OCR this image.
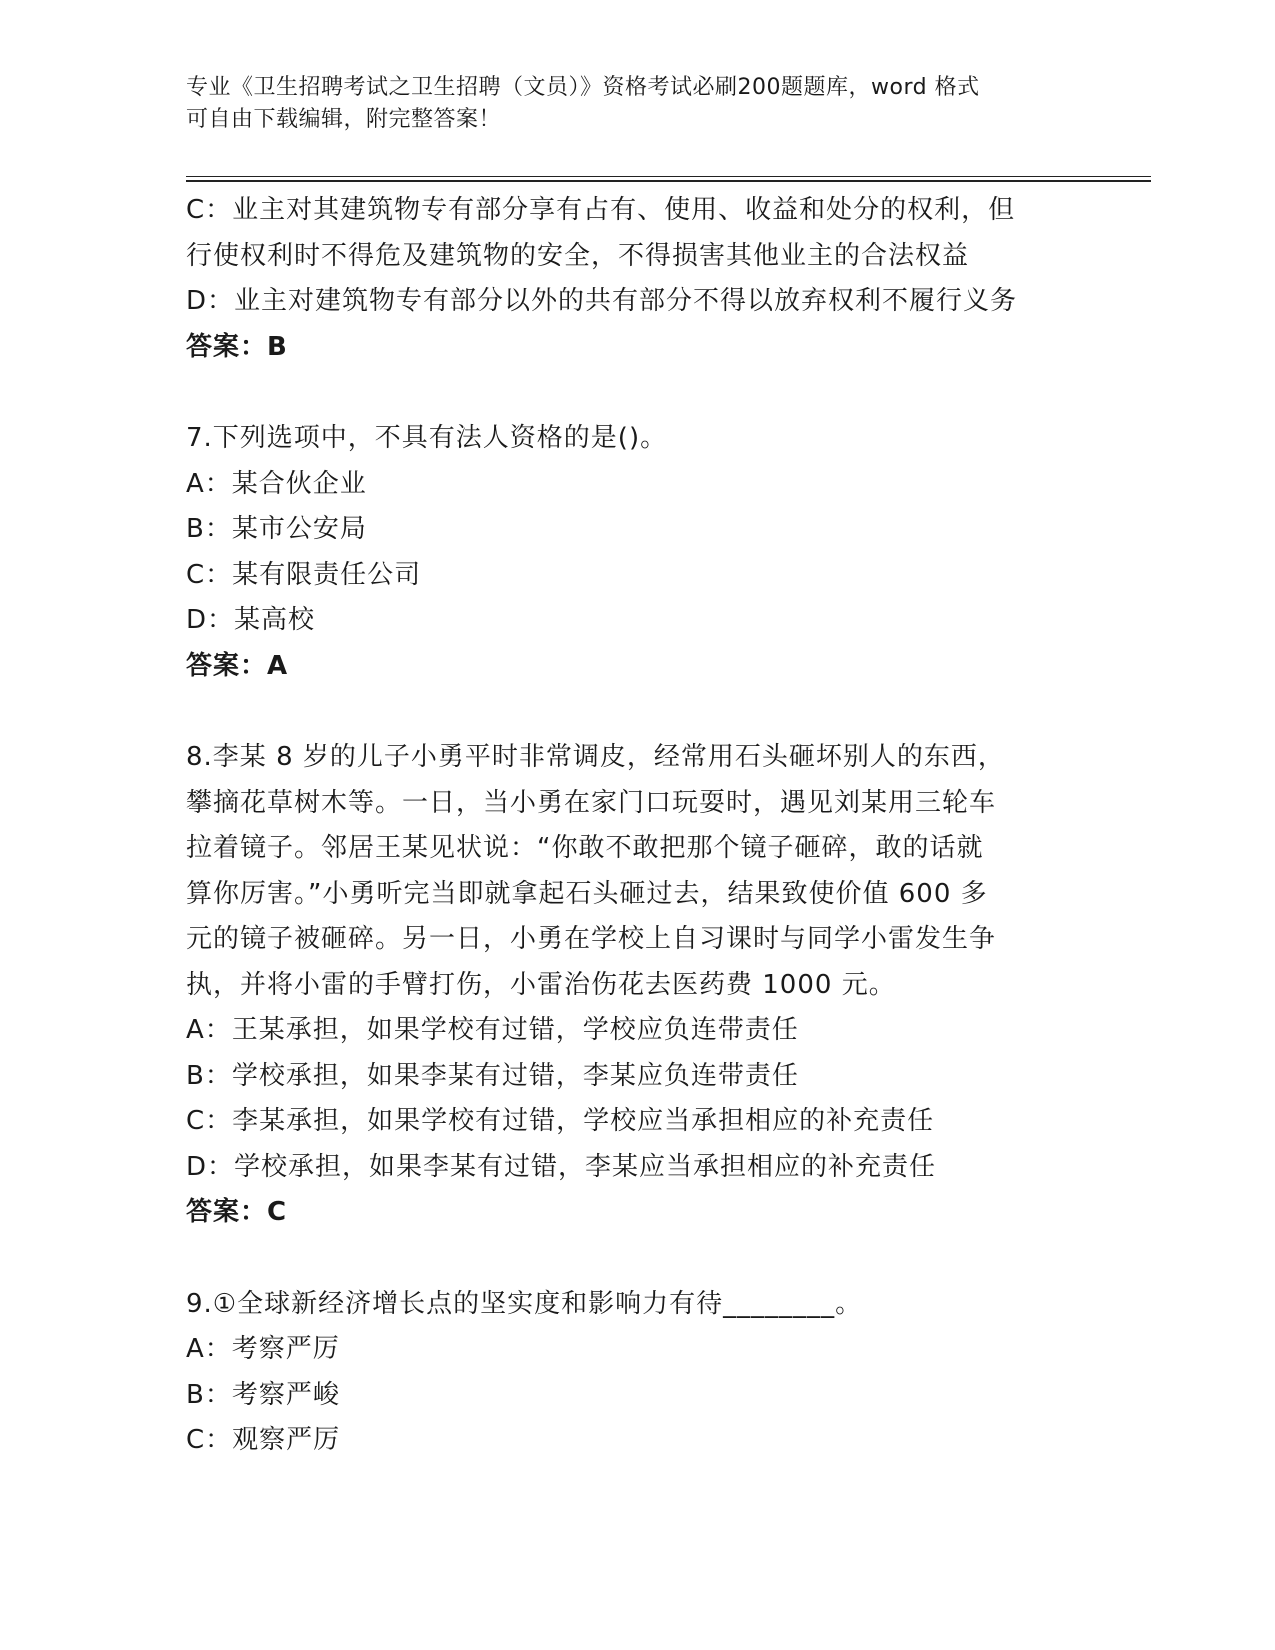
专业《卫生招聘考试之卫生招聘（文员）》资格考试必刷200题题库，word 格式
可自由下载编辑，附完整答案！
C：业主对其建筑物专有部分享有占有、使用、收益和处分的权利，但
行使权利时不得危及建筑物的安全，不得损害其他业主的合法权益
D：业主对建筑物专有部分以外的共有部分不得以放弃权利不履行义务
答案：B
7.下列选项中，不具有法人资格的是()。
A：某合伙企业
B：某市公安局
C：某有限责任公司
D：某高校
答案：A
8.李某 8 岁的儿子小勇平时非常调皮，经常用石头砸坏别人的东西，
攀摘花草树木等。一日，当小勇在家门口玩耍时，遇见刘某用三轮车
拉着镜子。邻居王某见状说：“你敢不敢把那个镜子砸碎，敢的话就
算你厉害。”小勇听完当即就拿起石头砸过去，结果致使价值 600 多
元的镜子被砸碎。另一日，小勇在学校上自习课时与同学小雷发生争
执，并将小雷的手臂打伤，小雷治伤花去医药费 1000 元。
A：王某承担，如果学校有过错，学校应负连带责任
B：学校承担，如果李某有过错，李某应负连带责任
C：李某承担，如果学校有过错，学校应当承担相应的补充责任
D：学校承担，如果李某有过错，李某应当承担相应的补充责任
答案：C
9.①全球新经济增长点的坚实度和影响力有待________。
A：考察严厉
B：考察严峻
C：观察严厉
